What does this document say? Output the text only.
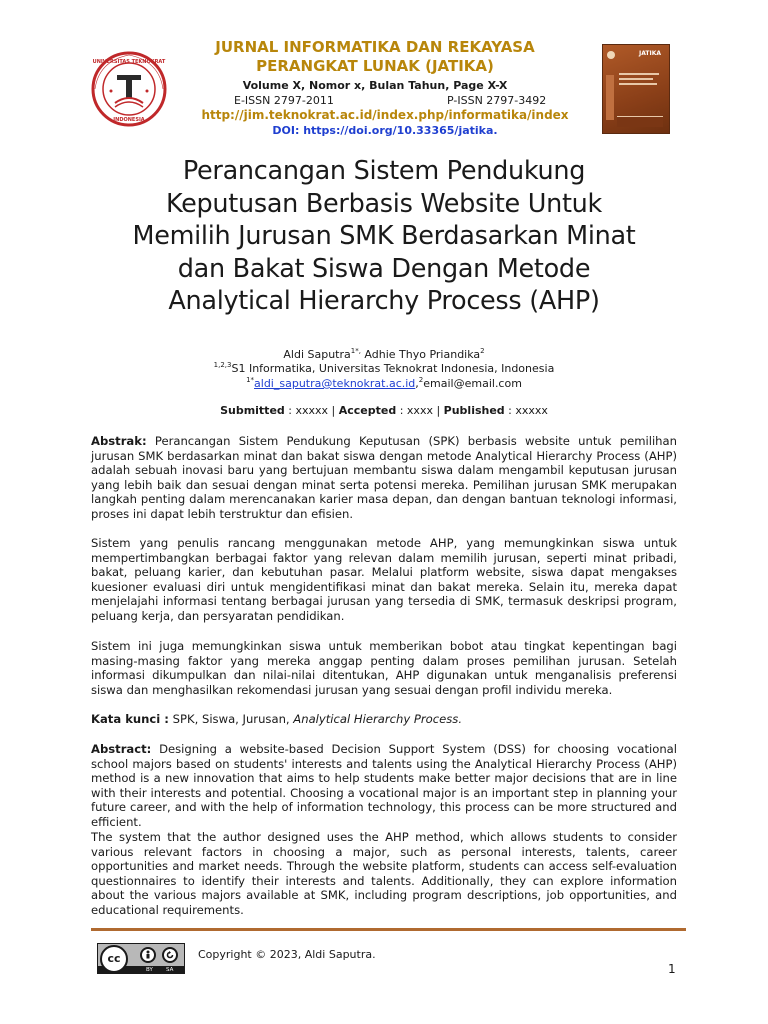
UNIVERSITAS TEKNOKRAT
INDONESIA
JURNAL INFORMATIKA DAN REKAYASA
PERANGKAT LUNAK (JATIKA)
Volume X, Nomor x, Bulan Tahun, Page X-X
E-ISSN 2797-2011	P-ISSN 2797-3492
http://jim.teknokrat.ac.id/index.php/informatika/index
DOI: https://doi.org/10.33365/jatika.
JATIKA
Perancangan Sistem Pendukung
Keputusan Berbasis Website Untuk
Memilih Jurusan SMK Berdasarkan Minat
dan Bakat Siswa Dengan Metode
Analytical Hierarchy Process (AHP)
Aldi Saputra$^{1*,}$ Adhie Thyo Priandika$^2$
$^{1,2,3}$S1 Informatika, Universitas Teknokrat Indonesia, Indonesia
$^{1*}$aldi_saputra@teknokrat.ac.id,$^2$email@email.com
Submitted : xxxxx | Accepted : xxxx | Published : xxxxx
Abstrak: Perancangan Sistem Pendukung Keputusan (SPK) berbasis website untuk pemilihan jurusan SMK berdasarkan minat dan bakat siswa dengan metode Analytical Hierarchy Process (AHP) adalah sebuah inovasi baru yang bertujuan membantu siswa dalam mengambil keputusan jurusan yang lebih baik dan sesuai dengan minat serta potensi mereka. Pemilihan jurusan SMK merupakan langkah penting dalam merencanakan karier masa depan, dan dengan bantuan teknologi informasi, proses ini dapat lebih terstruktur dan efisien.
Sistem yang penulis rancang menggunakan metode AHP, yang memungkinkan siswa untuk mempertimbangkan berbagai faktor yang relevan dalam memilih jurusan, seperti minat pribadi, bakat, peluang karier, dan kebutuhan pasar. Melalui platform website, siswa dapat mengakses kuesioner evaluasi diri untuk mengidentifikasi minat dan bakat mereka. Selain itu, mereka dapat menjelajahi informasi tentang berbagai jurusan yang tersedia di SMK, termasuk deskripsi program, peluang kerja, dan persyaratan pendidikan.
Sistem ini juga memungkinkan siswa untuk memberikan bobot atau tingkat kepentingan bagi masing-masing faktor yang mereka anggap penting dalam proses pemilihan jurusan. Setelah informasi dikumpulkan dan nilai-nilai ditentukan, AHP digunakan untuk menganalisis preferensi siswa dan menghasilkan rekomendasi jurusan yang sesuai dengan profil individu mereka.
Kata kunci : SPK, Siswa, Jurusan, Analytical Hierarchy Process.
Abstract: Designing a website-based Decision Support System (DSS) for choosing vocational school majors based on students' interests and talents using the Analytical Hierarchy Process (AHP) method is a new innovation that aims to help students make better major decisions that are in line with their interests and potential. Choosing a vocational major is an important step in planning your future career, and with the help of information technology, this process can be more structured and efficient.
The system that the author designed uses the AHP method, which allows students to consider various relevant factors in choosing a major, such as personal interests, talents, career opportunities and market needs. Through the website platform, students can access self-evaluation questionnaires to identify their interests and talents. Additionally, they can explore information about the various majors available at SMK, including program descriptions, job opportunities, and educational requirements.
cc
BY SA
Copyright © 2023, Aldi Saputra.
1
